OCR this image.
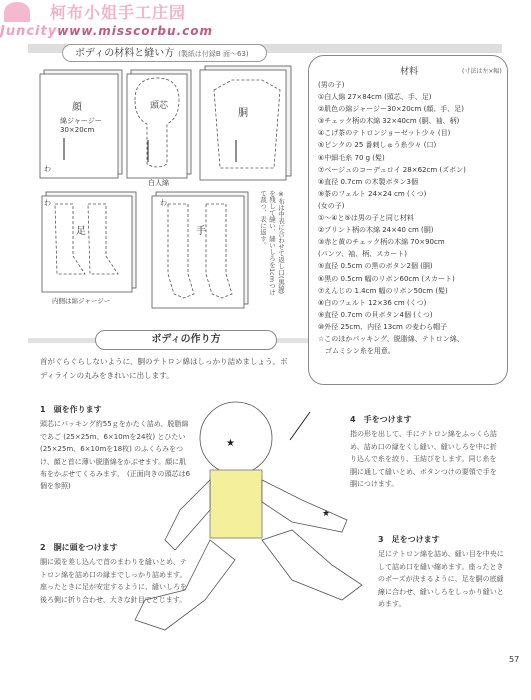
柯布小姐手工庄园
Juncitywww.misscorbu.com
ボディの材料と縫い方 (製紙は付録B 面～63)
★
★
顔
綿ジャージー 30×20cm
頭芯
胴
白人綿
足	手
内側は綿ジャージー
わ
わ	わ	※布は中表に合わせて返し口(黒線)を残して縫い、縫いしろを1cmつけて裁つ、表に返す。
材料	(寸法は左×幅)
(男の子)
①白人綿 27×84cm (頭芯、手、足)
②肌色の綿ジャージー30×20cm (顔、手、足)
③チェック柄の木綿 32×40cm (胴、袖、柄)
④こげ茶のテトロンジョーゼット少々 (目)
⑤ピンクの 25 番刺しゅう糸少々 (口)
⑥中細毛糸 70 g (髪)
⑦ベージュのコーデュロイ 28×62cm (ズボン)
⑧直径 0.7cm の木製ボタン3個
⑨茶のフェルト 24×24 cm (くつ)
(女の子)
①～④と⑤は男の子と同じ材料
②プリント柄の木綿 24×40 cm (胴)
③赤と黄のチェック柄の木綿 70×90cm
(パンツ、袖、柄、スカート)
⑤直径 0.5cm の黒のボタン2個 (胴)
⑥黒の 0.5cm 幅のリボン60cm (スカート)
⑦えんじの 1.4cm 幅のリボン50cm (髪)
⑧白のフェルト 12×36 cm (くつ)
⑨直径 0.7cm の貝ボタン4個 (くつ)
⑩外径 25cm、内径 13cm の麦わら帽子
☆このほかパッキング、脱脂綿、テトロン綿、
　ゴムミシン糸を用意。
ボディの作り方
首がぐらぐらしないように、胴のテトロン綿はしっかり詰めましょう。ボディラインの丸みをきれいに出します。
1　頭を作ります
頭芯にパッキング約55ｇをかたく詰め、脱脂綿であご (25×25m、6×10mを24枚) とひたい (25×25m、6×10mを18枚) のふくらみをつけ、顔と首に薄い脱脂綿をかぶせます。顔に肌布をかぶせてくるみます。　(正面向きの頭芯は6個を参照)
2　胴に頭をつけます
胴に頭を差し込んで首のまわりを縫いとめ、テトロン綿を詰め口の縁までしっかり詰めます。座ったときに足が安定するように、縫いしろを後ろ側に折り合わせ、大きな針目でとじます。
4　手をつけます
指の形を出して、手にテトロン綿をふっくら詰め、詰め口の縁をくし縫い、縫いしろを中に折り込んで糸を絞り、玉結びをします。同じ糸を胴に通して縫いとめ、ボタンつけの要領で手を胴につけます。
3　足をつけます
足にテトロン綿を詰め、縫い目を中央にして詰め口を縫い縮めます。座ったときのポーズが決まるように、足を胴の底縫線に合わせ、縫いしろをしっかり縫いとめます。
57
